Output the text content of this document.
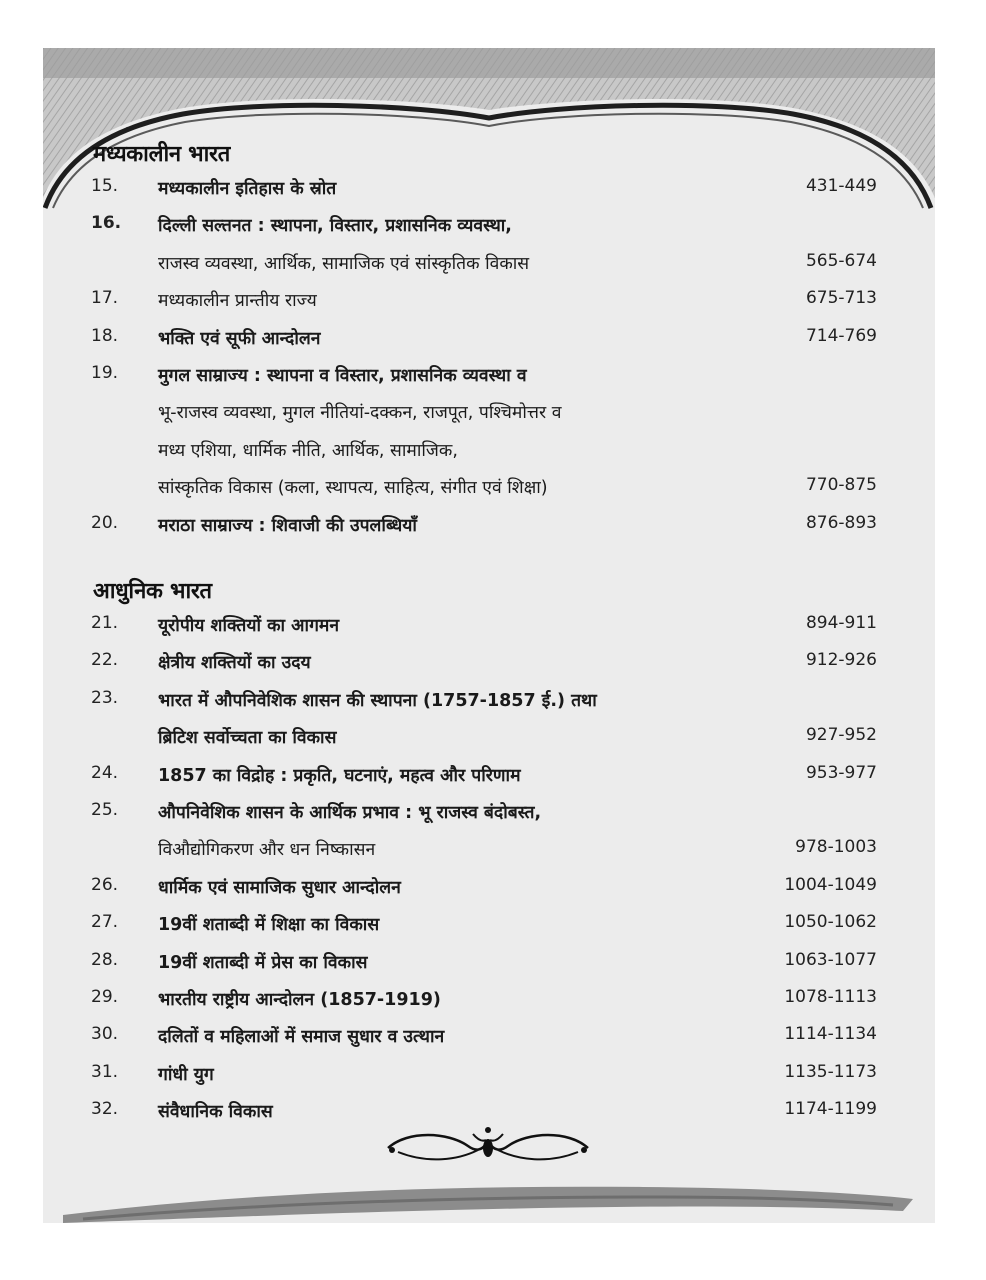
मध्यकालीन भारत
15.	मध्यकालीन इतिहास के स्रोत	431-449
16.	दिल्ली सल्तनत : स्थापना, विस्तार, प्रशासनिक व्यवस्था,
राजस्व व्यवस्था, आर्थिक, सामाजिक एवं सांस्कृतिक विकास	565-674
17.	मध्यकालीन प्रान्तीय राज्य	675-713
18.	भक्ति एवं सूफी आन्दोलन	714-769
19.	मुगल साम्राज्य : स्थापना व विस्तार, प्रशासनिक व्यवस्था व
भू-राजस्व व्यवस्था, मुगल नीतियां-दक्कन, राजपूत, पश्चिमोत्तर व
मध्य एशिया, धार्मिक नीति, आर्थिक, सामाजिक,
सांस्कृतिक विकास (कला, स्थापत्य, साहित्य, संगीत एवं शिक्षा)	770-875
20.	मराठा साम्राज्य : शिवाजी की उपलब्धियाँ	876-893
आधुनिक भारत
21.	यूरोपीय शक्तियों का आगमन	894-911
22.	क्षेत्रीय शक्तियों का उदय	912-926
23.	भारत में औपनिवेशिक शासन की स्थापना (1757-1857 ई.) तथा
ब्रिटिश सर्वोच्चता का विकास	927-952
24.	1857 का विद्रोह : प्रकृति, घटनाएं, महत्व और परिणाम	953-977
25.	औपनिवेशिक शासन के आर्थिक प्रभाव : भू राजस्व बंदोबस्त,
विऔद्योगिकरण और धन निष्कासन	978-1003
26.	धार्मिक एवं सामाजिक सुधार आन्दोलन	1004-1049
27.	19वीं शताब्दी में शिक्षा का विकास	1050-1062
28.	19वीं शताब्दी में प्रेस का विकास	1063-1077
29.	भारतीय राष्ट्रीय आन्दोलन (1857-1919)	1078-1113
30.	दलितों व महिलाओं में समाज सुधार व उत्थान	1114-1134
31.	गांधी युग	1135-1173
32.	संवैधानिक विकास	1174-1199
